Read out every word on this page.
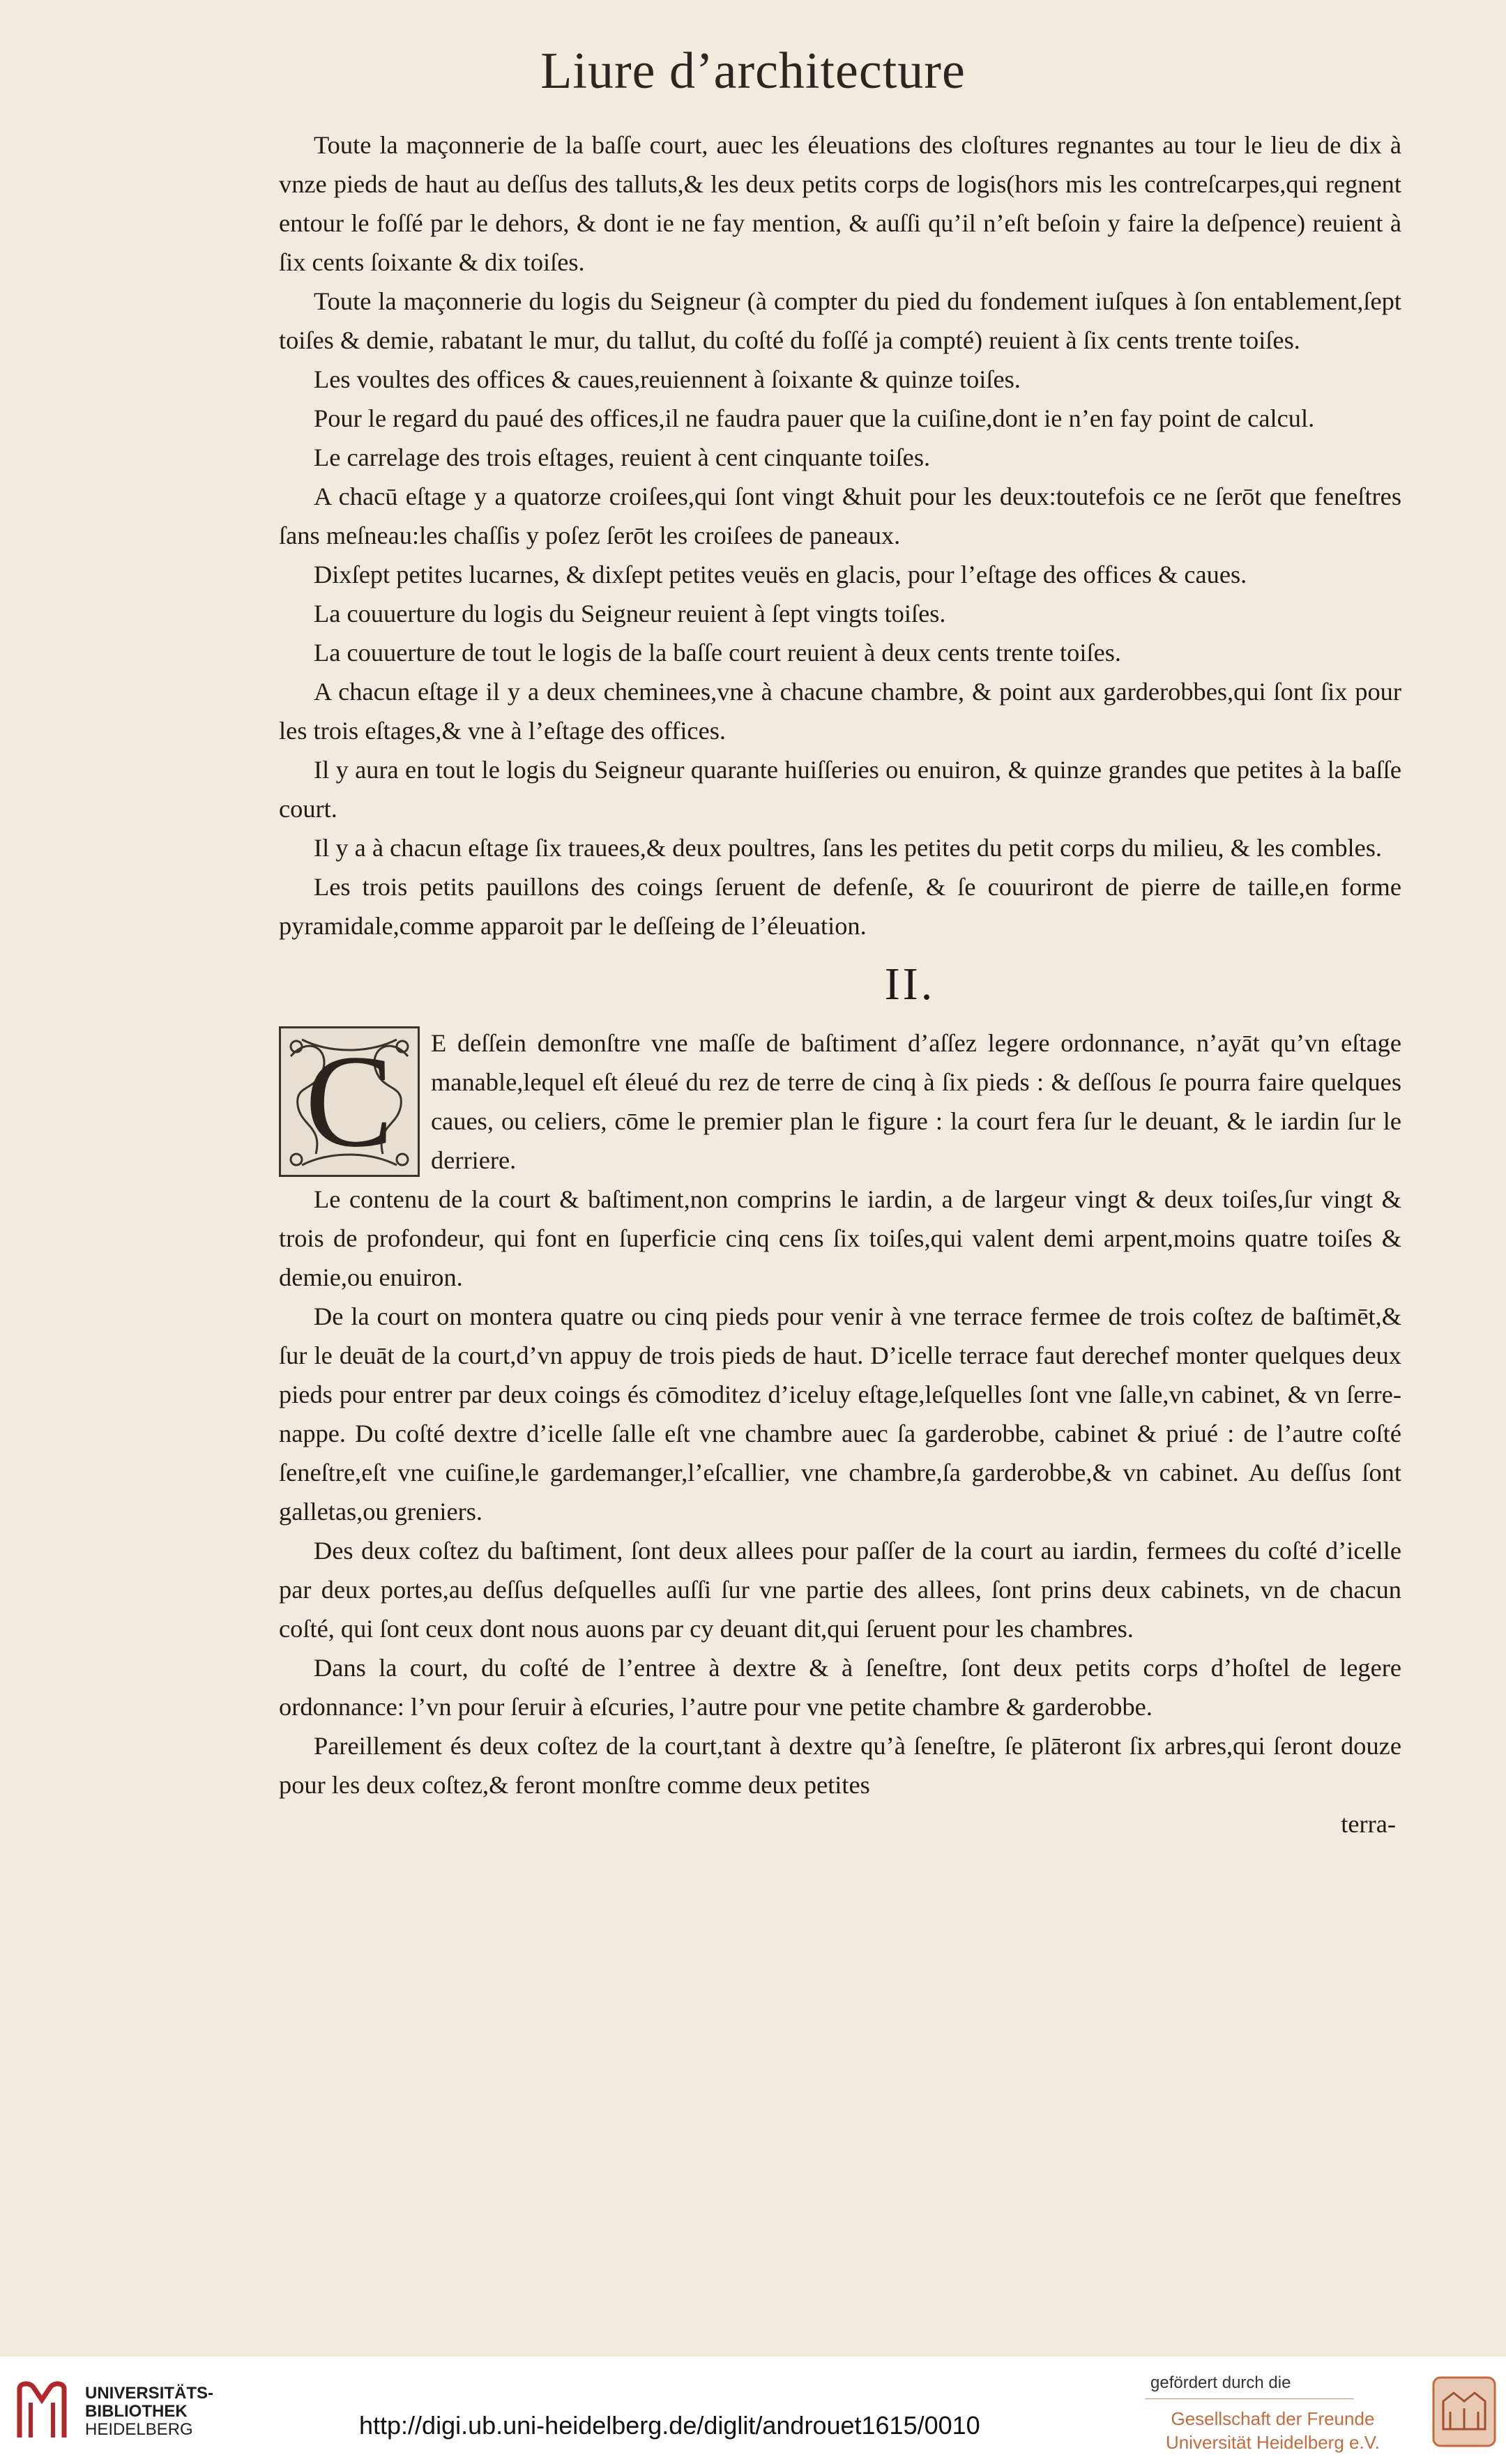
Liure d’architecture

Toute la maçonnerie de la baſſe court, auec les éleuations des cloſtures regnantes au tour le lieu de dix à vnze pieds de haut au deſſus des talluts,& les deux petits corps de logis(hors mis les contreſcarpes,qui regnent entour le foſſé par le dehors, & dont ie ne fay mention, & auſſi qu’il n’eſt beſoin y faire la deſpence) reuient à ſix cents ſoixante & dix toiſes.

Toute la maçonnerie du logis du Seigneur (à compter du pied du fondement iuſques à ſon entablement,ſept toiſes & demie, rabatant le mur, du tallut, du coſté du foſſé ja compté) reuient à ſix cents trente toiſes.

Les voultes des offices & caues,reuiennent à ſoixante & quinze toiſes.

Pour le regard du paué des offices,il ne faudra pauer que la cuiſine,dont ie n’en fay point de calcul.

Le carrelage des trois eſtages, reuient à cent cinquante toiſes.

A chacū eſtage y a quatorze croiſees,qui ſont vingt &huit pour les deux:toutefois ce ne ſerōt que feneſtres ſans meſneau:les chaſſis y poſez ſerōt les croiſees de paneaux.

Dixſept petites lucarnes, & dixſept petites veuës en glacis, pour l’eſtage des offices & caues.

La couuerture du logis du Seigneur reuient à ſept vingts toiſes.

La couuerture de tout le logis de la baſſe court reuient à deux cents trente toiſes.

A chacun eſtage il y a deux cheminees,vne à chacune chambre, & point aux garderobbes,qui ſont ſix pour les trois eſtages,& vne à l’eſtage des offices.

Il y aura en tout le logis du Seigneur quarante huiſſeries ou enuiron, & quinze grandes que petites à la baſſe court.

Il y a à chacun eſtage ſix trauees,& deux poultres, ſans les petites du petit corps du milieu, & les combles.

Les trois petits pauillons des coings ſeruent de defenſe, & ſe couuriront de pierre de taille,en forme pyramidale,comme apparoit par le deſſeing de l’éleuation.

II.

C	E deſſein demonſtre vne maſſe de baſtiment d’aſſez legere ordonnance, n’ayāt qu’vn eſtage manable,lequel eſt éleué du rez de terre de cinq à ſix pieds : & deſſous ſe pourra faire quelques caues, ou celiers, cōme le premier plan le figure : la court fera ſur le deuant, & le iardin ſur le derriere.

Le contenu de la court & baſtiment,non comprins le iardin, a de largeur vingt & deux toiſes,ſur vingt & trois de profondeur, qui font en ſuperficie cinq cens ſix toiſes,qui valent demi arpent,moins quatre toiſes & demie,ou enuiron.

De la court on montera quatre ou cinq pieds pour venir à vne terrace fermee de trois coſtez de baſtimēt,& ſur le deuāt de la court,d’vn appuy de trois pieds de haut. D’icelle terrace faut derechef monter quelques deux pieds pour entrer par deux coings és cōmoditez d’iceluy eſtage,leſquelles ſont vne ſalle,vn cabinet, & vn ſerre-nappe. Du coſté dextre d’icelle ſalle eſt vne chambre auec ſa garderobbe, cabinet & priué : de l’autre coſté ſeneſtre,eſt vne cuiſine,le gardemanger,l’eſcallier, vne chambre,ſa garderobbe,& vn cabinet. Au deſſus ſont galletas,ou greniers.

Des deux coſtez du baſtiment, ſont deux allees pour paſſer de la court au iardin, fermees du coſté d’icelle par deux portes,au deſſus deſquelles auſſi ſur vne partie des allees, ſont prins deux cabinets, vn de chacun coſté, qui ſont ceux dont nous auons par cy deuant dit,qui ſeruent pour les chambres.

Dans la court, du coſté de l’entree à dextre & à ſeneſtre, ſont deux petits corps d’hoſtel de legere ordonnance: l’vn pour ſeruir à eſcuries, l’autre pour vne petite chambre & garderobbe.

Pareillement és deux coſtez de la court,tant à dextre qu’à ſeneſtre, ſe plāteront ſix arbres,qui ſeront douze pour les deux coſtez,& feront monſtre comme deux petites

terra-

UNIVERSITÄTS-
BIBLIOTHEK
HEIDELBERG	http://digi.ub.uni-heidelberg.de/diglit/androuet1615/0010
gefördert durch die
Gesellschaft der Freunde
Universität Heidelberg e.V.
